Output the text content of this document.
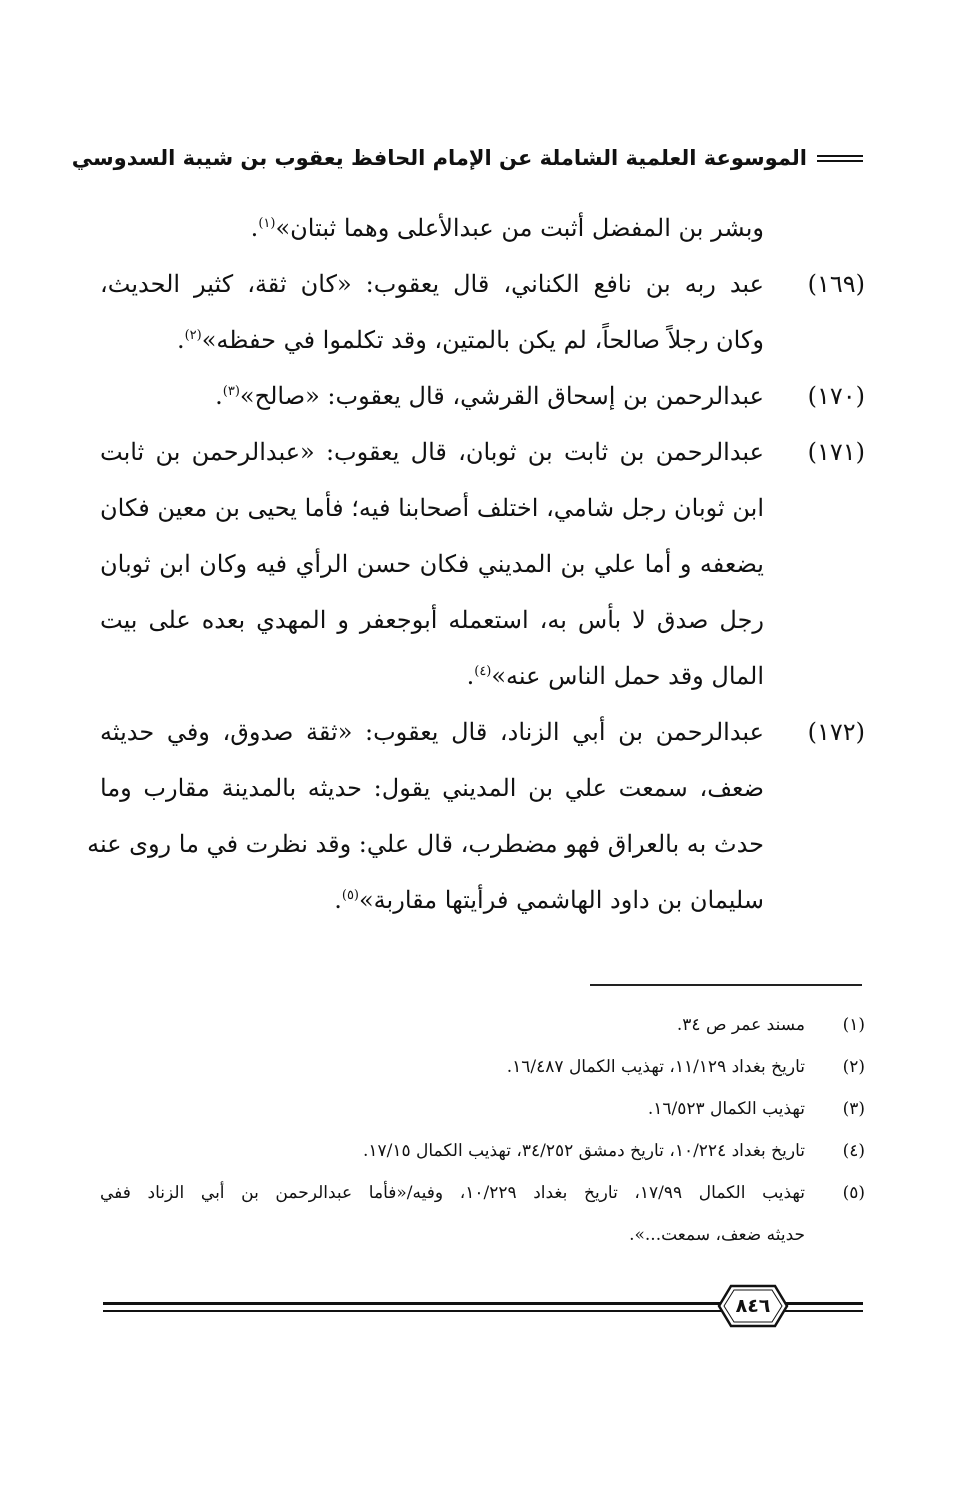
الموسوعة العلمية الشاملة عن الإمام الحافظ يعقوب بن شيبة السدوسي
وبشر بن المفضل أثبت من عبدالأعلى وهما ثبتان»$^{(١)}$.
(١٦٩)
عبد ربه بن نافع الكناني، قال يعقوب: «كان ثقة، كثير الحديث،
وكان رجلاً صالحاً، لم يكن بالمتين، وقد تكلموا في حفظه»$^{(٢)}$.
(١٧٠)
عبدالرحمن بن إسحاق القرشي، قال يعقوب: «صالح»$^{(٣)}$.
(١٧١)
عبدالرحمن بن ثابت بن ثوبان، قال يعقوب: «عبدالرحمن بن ثابت
ابن ثوبان رجل شامي، اختلف أصحابنا فيه؛ فأما يحيى بن معين فكان
يضعفه و أما علي بن المديني فكان حسن الرأي فيه وكان ابن ثوبان
رجل صدق لا بأس به، استعمله أبوجعفر و المهدي بعده على بيت
المال وقد حمل الناس عنه»$^{(٤)}$.
(١٧٢)
عبدالرحمن بن أبي الزناد، قال يعقوب: «ثقة صدوق، وفي حديثه
ضعف، سمعت علي بن المديني يقول: حديثه بالمدينة مقارب وما
حدث به بالعراق فهو مضطرب، قال علي: وقد نظرت في ما روى عنه
سليمان بن داود الهاشمي فرأيتها مقاربة»$^{(٥)}$.
(١)
مسند عمر ص ٣٤.
(٢)
تاريخ بغداد ١١/١٢٩، تهذيب الكمال ١٦/٤٨٧.
(٣)
تهذيب الكمال ١٦/٥٢٣.
(٤)
تاريخ بغداد ١٠/٢٢٤، تاريخ دمشق ٣٤/٢٥٢، تهذيب الكمال ١٧/١٥.
(٥)
تهذيب الكمال ١٧/٩٩، تاريخ بغداد ١٠/٢٢٩، وفيه/«فأما عبدالرحمن بن أبي الزناد ففي
حديثه ضعف، سمعت...».
٨٤٦
